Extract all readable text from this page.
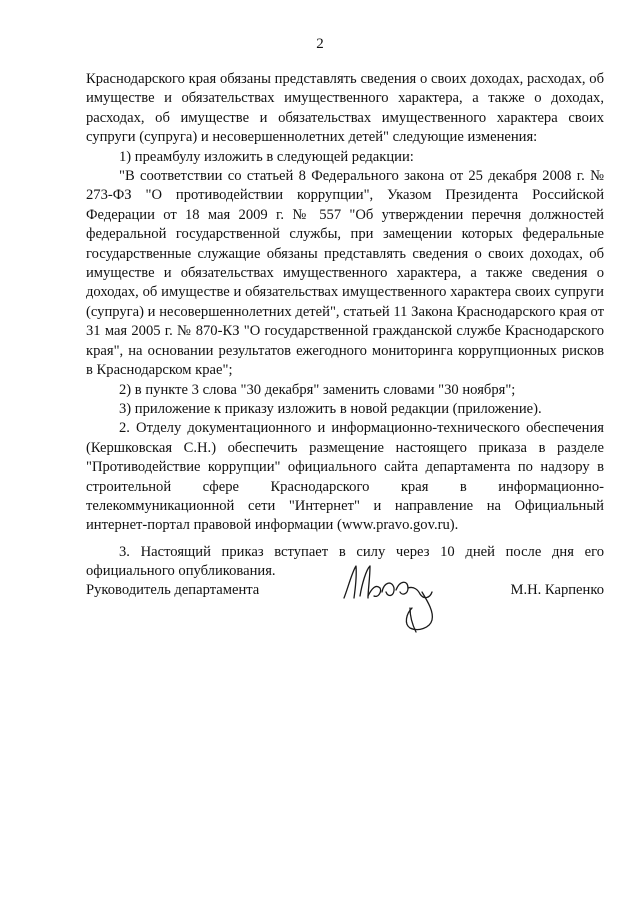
2

Краснодарского края обязаны представлять сведения о своих доходах, расходах, об имуществе и обязательствах имущественного характера, а также о доходах, расходах, об имуществе и обязательствах имущественного характера своих супруги (супруга) и несовершеннолетних детей" следующие изменения:

1) преамбулу изложить в следующей редакции:

"В соответствии со статьей 8 Федерального закона от 25 декабря 2008 г. № 273-ФЗ "О противодействии коррупции", Указом Президента Российской Федерации от 18 мая 2009 г. № 557 "Об утверждении перечня должностей федеральной государственной службы, при замещении которых федеральные государственные служащие обязаны представлять сведения о своих доходах, об имуществе и обязательствах имущественного характера, а также сведения о доходах, об имуществе и обязательствах имущественного характера своих супруги (супруга) и несовершеннолетних детей", статьей 11 Закона Краснодарского края от 31 мая 2005 г. № 870-КЗ "О государственной гражданской службе Краснодарского края", на основании результатов ежегодного мониторинга коррупционных рисков в Краснодарском крае";

2) в пункте 3 слова "30 декабря" заменить словами "30 ноября";

3) приложение к приказу изложить в новой редакции (приложение).

2. Отделу документационного и информационно-технического обеспечения (Кершковская С.Н.) обеспечить размещение настоящего приказа в разделе "Противодействие коррупции" официального сайта департамента по надзору в строительной сфере Краснодарского края в информационно-телекоммуникационной сети "Интернет" и направление на Официальный интернет-портал правовой информации (www.pravo.gov.ru).

3. Настоящий приказ вступает в силу через 10 дней после дня его официального опубликования.

Руководитель департамента	М.Н. Карпенко
